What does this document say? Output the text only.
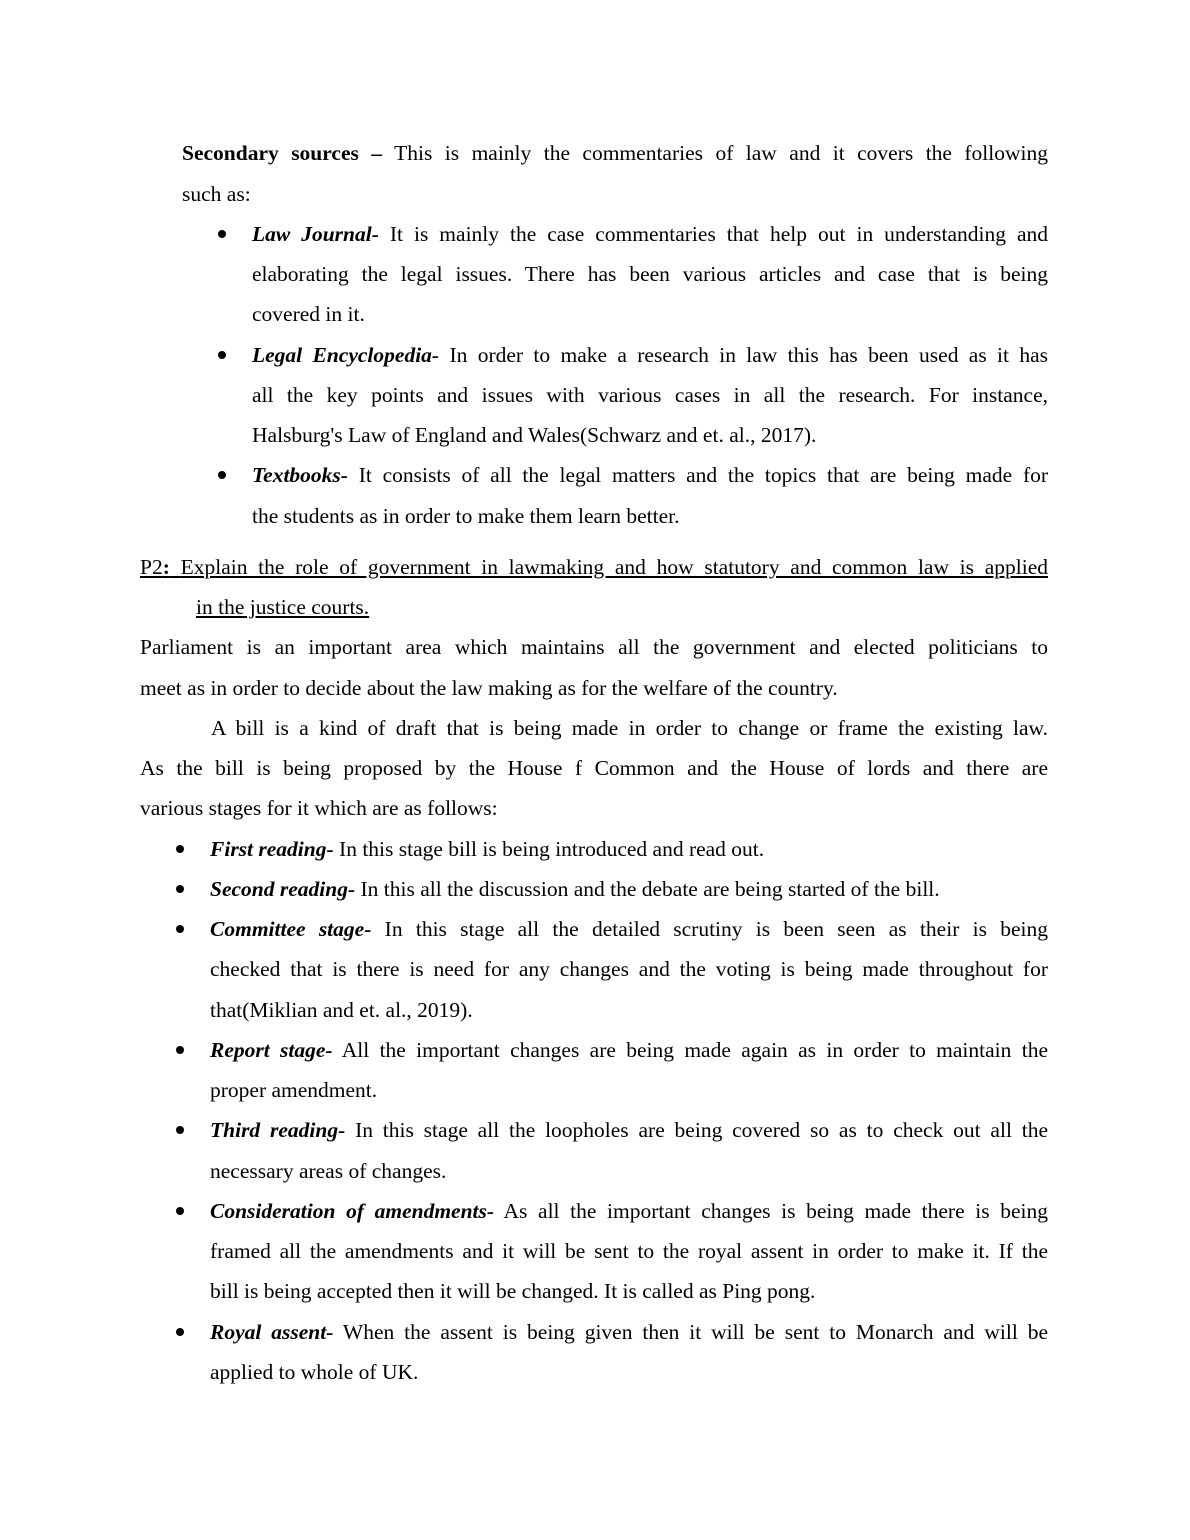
Secondary sources – This is mainly the commentaries of law and it covers the following
such as:
Law Journal- It is mainly the case commentaries that help out in understanding and
elaborating the legal issues. There has been various articles and case that is being
covered in it.
Legal Encyclopedia- In order to make a research in law this has been used as it has
all the key points and issues with various cases in all the research. For instance,
Halsburg's Law of England and Wales(Schwarz and et. al., 2017).
Textbooks- It consists of all the legal matters and the topics that are being made for
the students as in order to make them learn better.
P2: Explain the role of government in lawmaking and how statutory and common law is applied
in the justice courts.
Parliament is an important area which maintains all the government and elected politicians to
meet as in order to decide about the law making as for the welfare of the country.
A bill is a kind of draft that is being made in order to change or frame the existing law.
As the bill is being proposed by the House f Common and the House of lords and there are
various stages for it which are as follows:
First reading- In this stage bill is being introduced and read out.
Second reading- In this all the discussion and the debate are being started of the bill.
Committee stage- In this stage all the detailed scrutiny is been seen as their is being
checked that is there is need for any changes and the voting is being made throughout for
that(Miklian and et. al., 2019).
Report stage- All the important changes are being made again as in order to maintain the
proper amendment.
Third reading- In this stage all the loopholes are being covered so as to check out all the
necessary areas of changes.
Consideration of amendments- As all the important changes is being made there is being
framed all the amendments and it will be sent to the royal assent in order to make it. If the
bill is being accepted then it will be changed. It is called as Ping pong.
Royal assent- When the assent is being given then it will be sent to Monarch and will be
applied to whole of UK.
